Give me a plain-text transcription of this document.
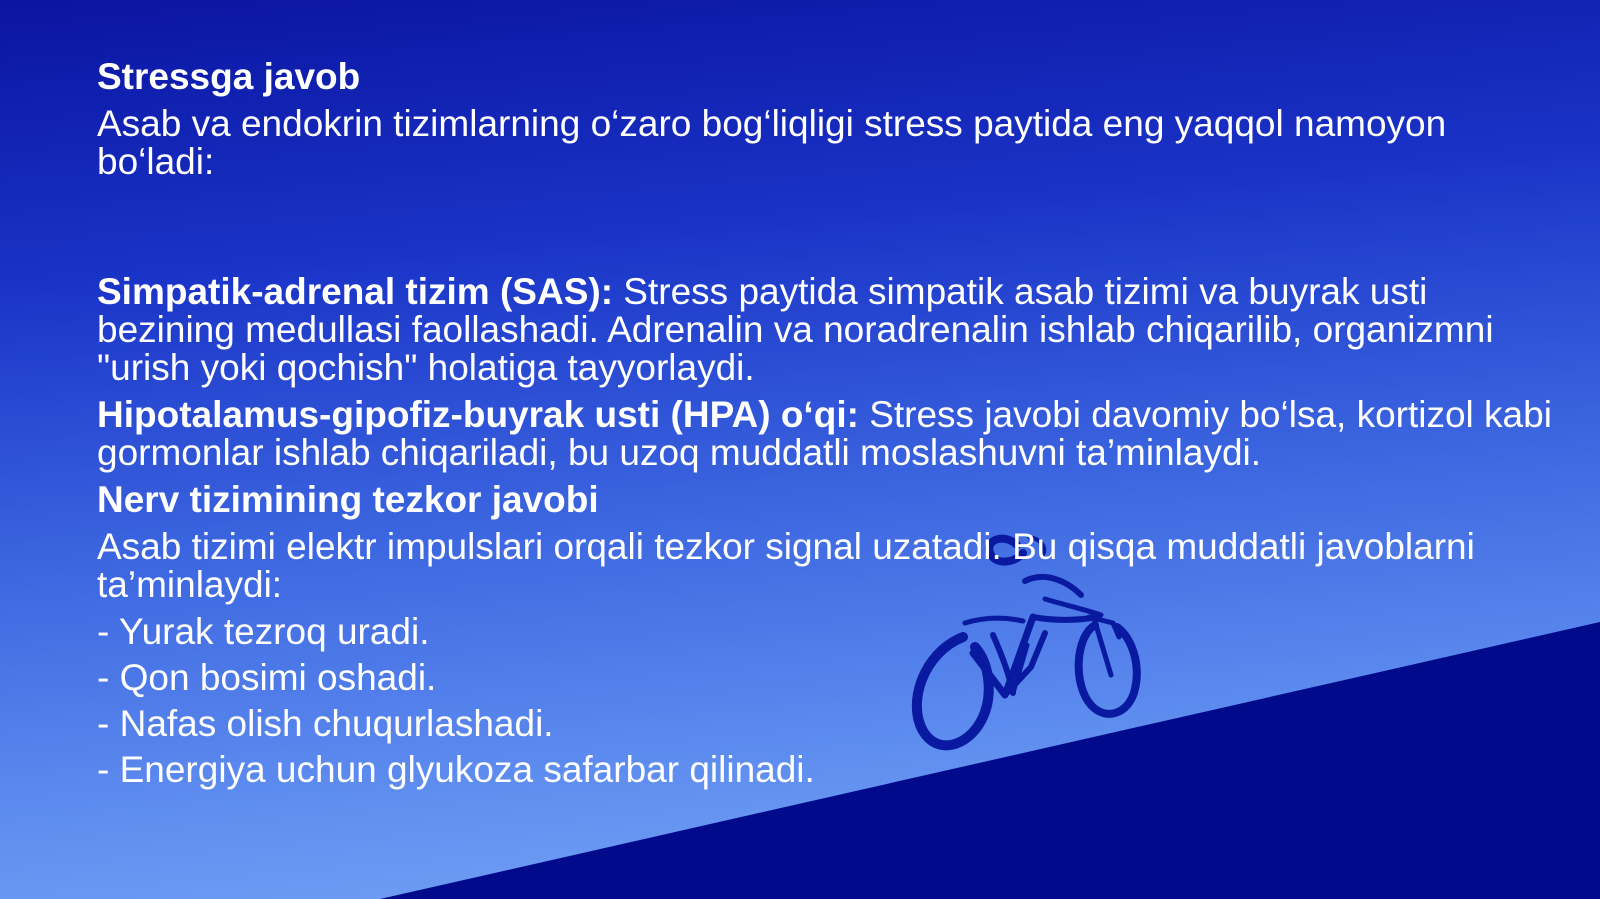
Stressga javob

Asab va endokrin tizimlarning o‘zaro bog‘liqligi stress paytida eng yaqqol namoyon bo‘ladi:

Simpatik-adrenal tizim (SAS): Stress paytida simpatik asab tizimi va buyrak usti bezining medullasi faollashadi. Adrenalin va noradrenalin ishlab chiqarilib, organizmni "urish yoki qochish" holatiga tayyorlaydi.

Hipotalamus-gipofiz-buyrak usti (HPA) o‘qi: Stress javobi davomiy bo‘lsa, kortizol kabi gormonlar ishlab chiqariladi, bu uzoq muddatli moslashuvni ta’minlaydi.

Nerv tizimining tezkor javobi

Asab tizimi elektr impulslari orqali tezkor signal uzatadi. Bu qisqa muddatli javoblarni ta’minlaydi:

- Yurak tezroq uradi.

- Qon bosimi oshadi.

- Nafas olish chuqurlashadi.

- Energiya uchun glyukoza safarbar qilinadi.
